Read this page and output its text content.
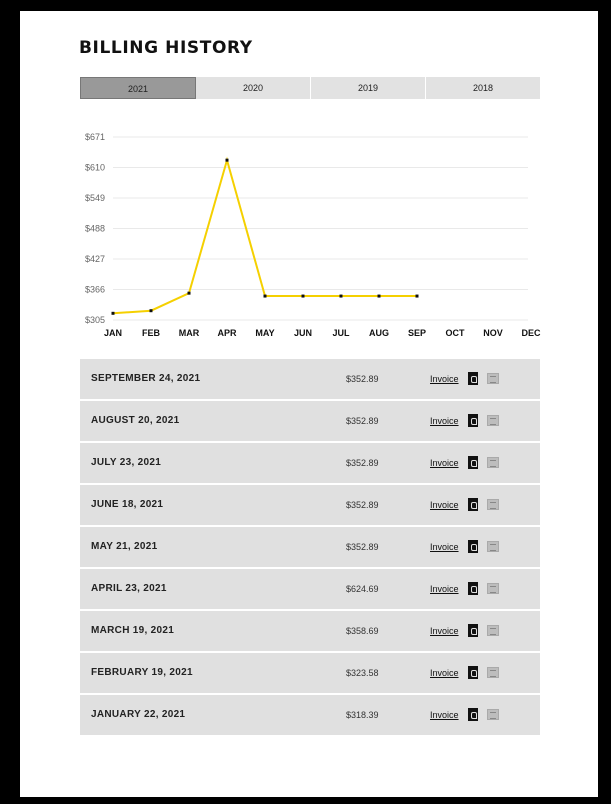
BILLING HISTORY
2021	2020	2019	2018
$305
$366
$427
$488
$549
$610
$671
JAN FEB MAR APR MAY JUN JUL AUG SEP OCT NOV DEC
SEPTEMBER 24, 2021	$352.89	Invoice
AUGUST 20, 2021	$352.89	Invoice
JULY 23, 2021	$352.89	Invoice
JUNE 18, 2021	$352.89	Invoice
MAY 21, 2021	$352.89	Invoice
APRIL 23, 2021	$624.69	Invoice
MARCH 19, 2021	$358.69	Invoice
FEBRUARY 19, 2021	$323.58	Invoice
JANUARY 22, 2021	$318.39	Invoice
